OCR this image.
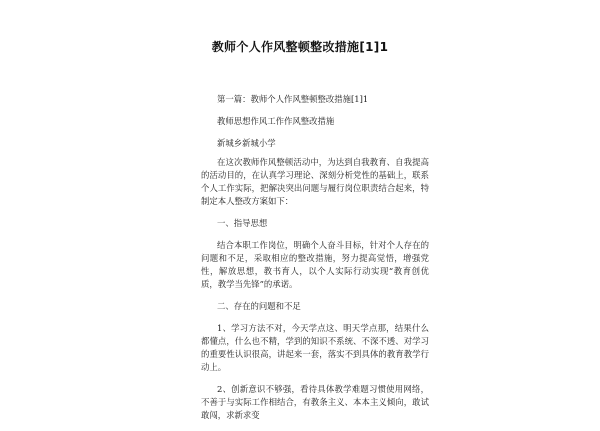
教师个人作风整顿整改措施[1]1

第一篇：教师个人作风整顿整改措施[1]1

教师思想作风工作作风整改措施

新城乡新城小学

在这次教师作风整顿活动中，为达到自我教育、自我提高的活动目的，在认真学习理论、深刻分析党性的基础上，联系个人工作实际，把解决突出问题与履行岗位职责结合起来，特制定本人整改方案如下：

一、指导思想

结合本职工作岗位，明确个人奋斗目标，针对个人存在的问题和不足，采取相应的整改措施，努力提高觉悟，增强党性，解放思想，教书育人，以个人实际行动实现“教育创优质，教学当先锋”的承诺。

二、存在的问题和不足

1、学习方法不对，今天学点这、明天学点那，结果什么都懂点，什么也不精，学到的知识不系统、不深不透、对学习的重要性认识很高，讲起来一套，落实不到具体的教育教学行动上。

2、创新意识不够强，看待具体教学难题习惯使用网络，不善于与实际工作相结合，有教条主义、本本主义倾向，敢试敢闯，求新求变
